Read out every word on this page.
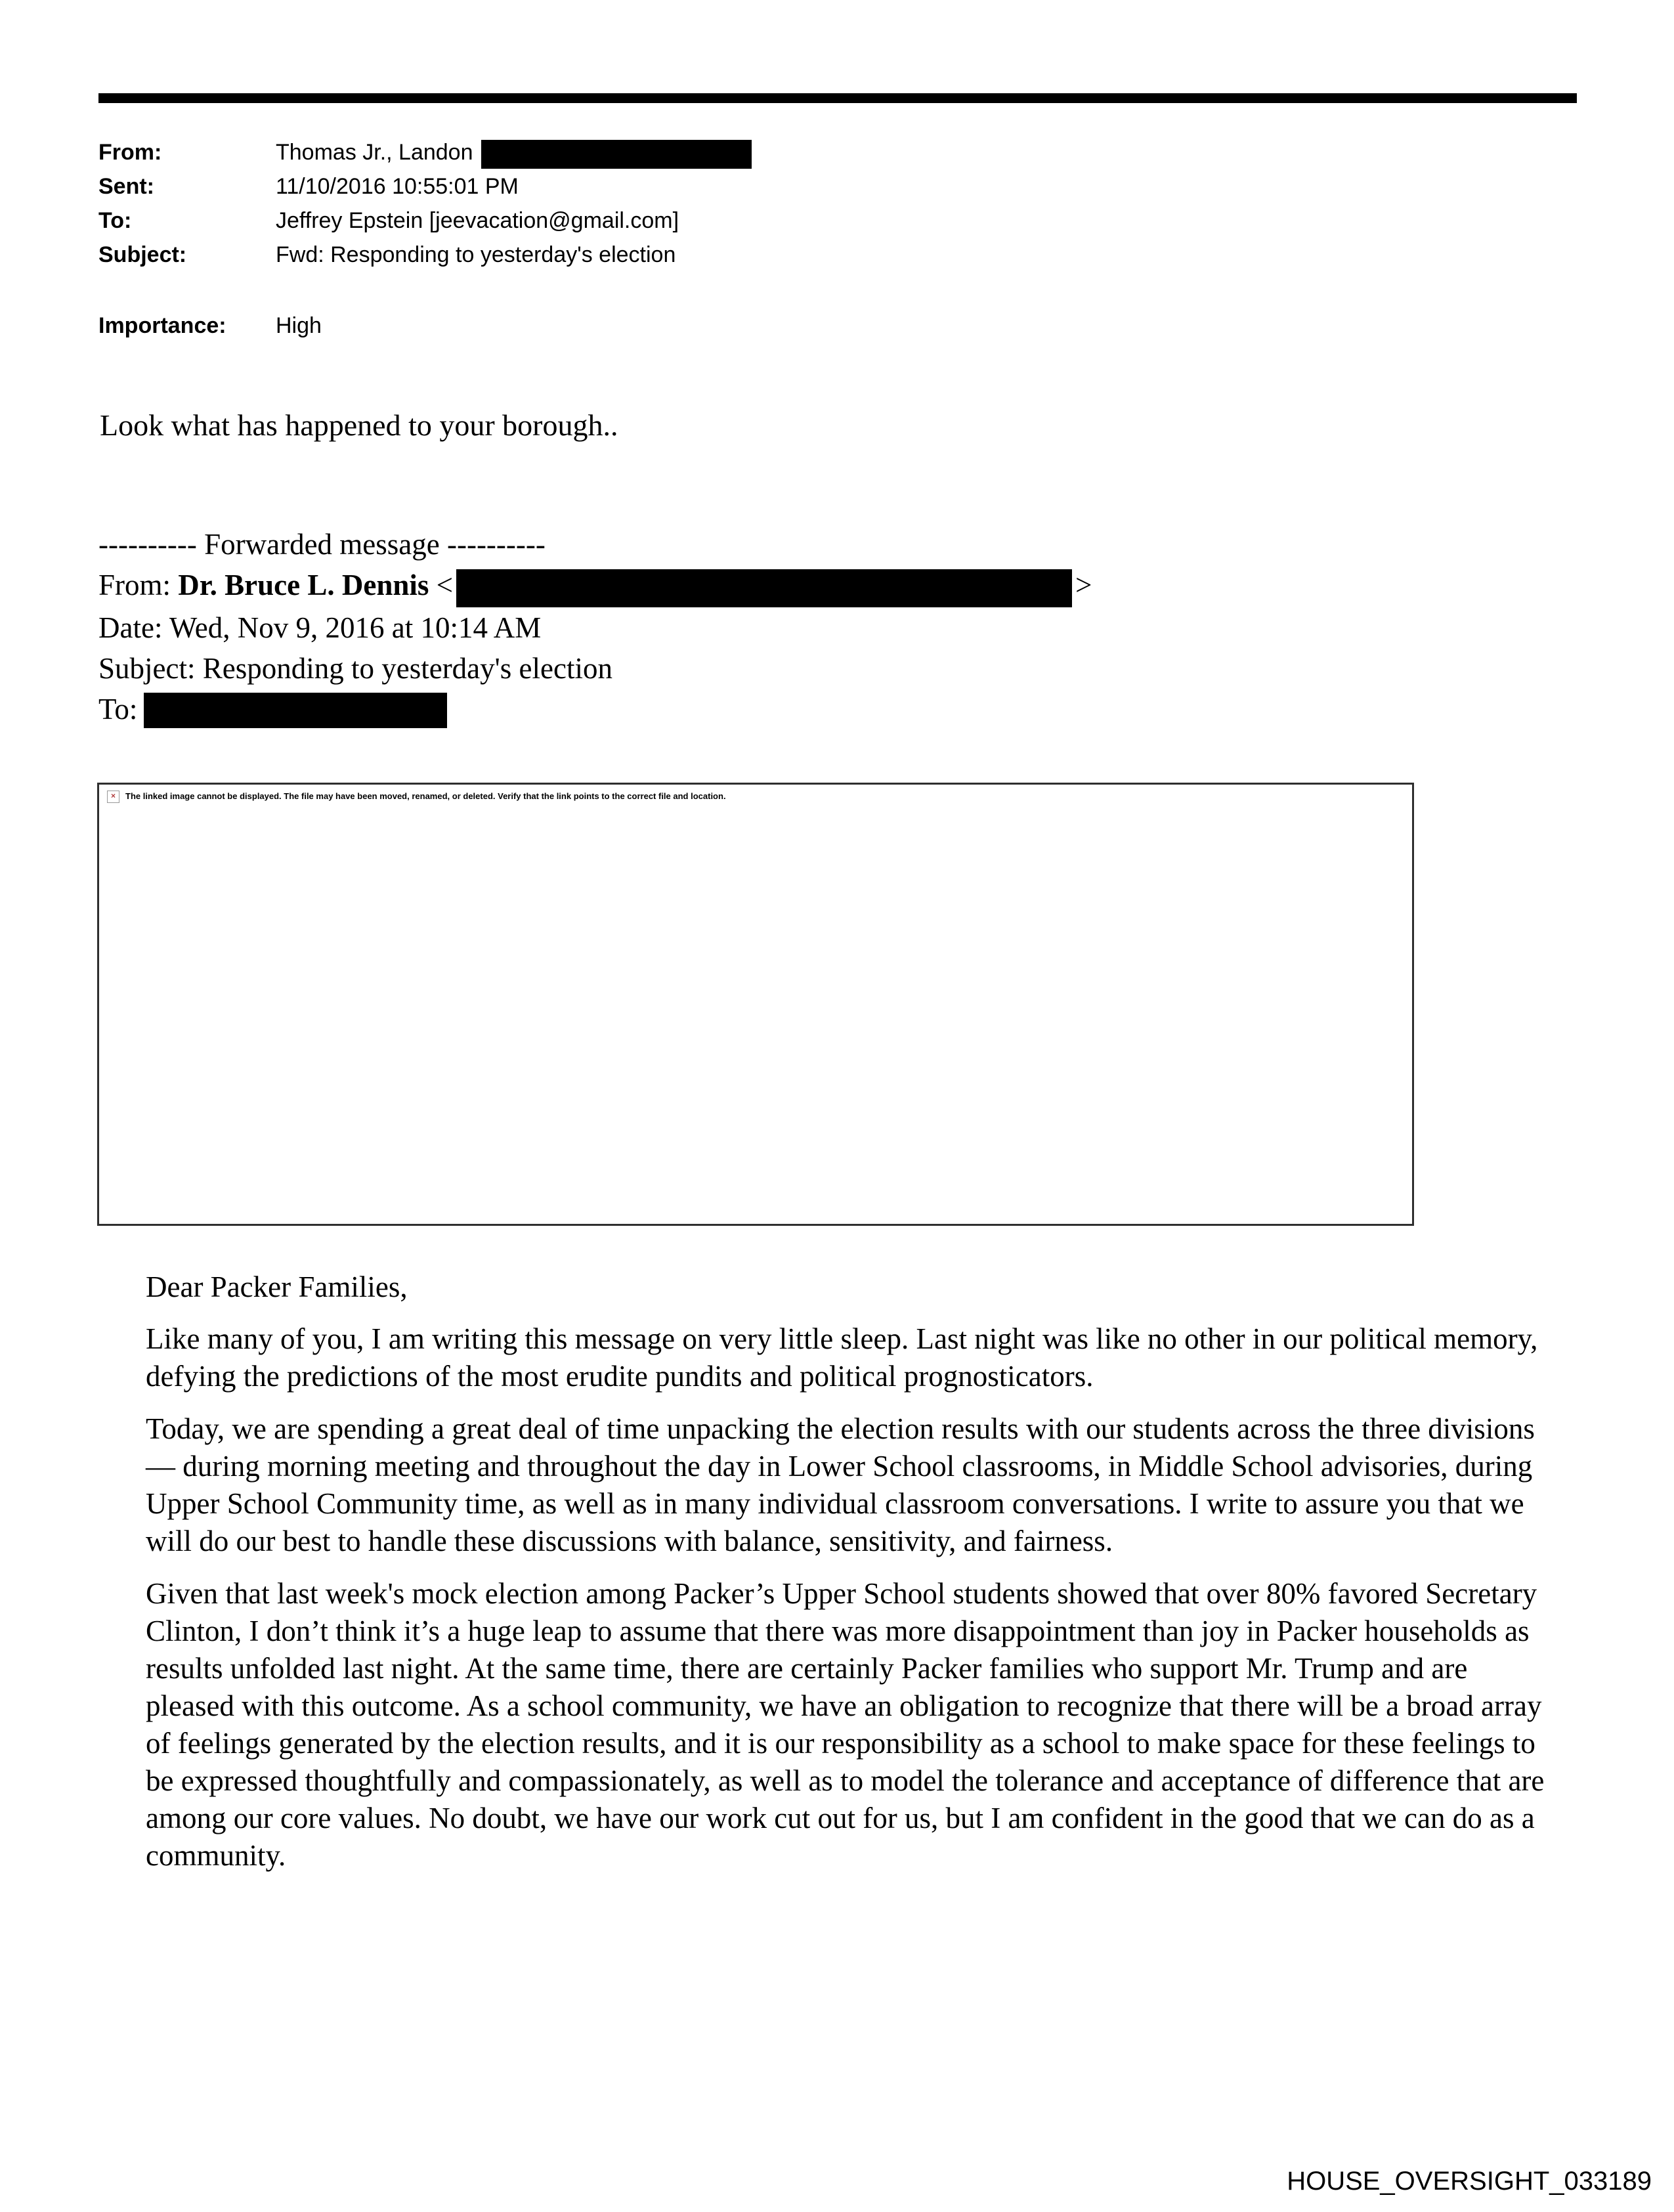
From:	Thomas Jr., Landon
Sent:	11/10/2016 10:55:01 PM
To:	Jeffrey Epstein [jeevacation@gmail.com]
Subject:	Fwd: Responding to yesterday's election
Importance:	High
Look what has happened to your borough..
---------- Forwarded message ----------
From: Dr. Bruce L. Dennis <	>
Date: Wed, Nov 9, 2016 at 10:14 AM
Subject: Responding to yesterday's election
To:
×	The linked image cannot be displayed. The file may have been moved, renamed, or deleted. Verify that the link points to the correct file and location.
Dear Packer Families,

Like many of you, I am writing this message on very little sleep. Last night was like no other in our political memory, defying the predictions of the most erudite pundits and political prognosticators.

Today, we are spending a great deal of time unpacking the election results with our students across the three divisions — during morning meeting and throughout the day in Lower School classrooms, in Middle School advisories, during Upper School Community time, as well as in many individual classroom conversations. I write to assure you that we will do our best to handle these discussions with balance, sensitivity, and fairness.

Given that last week's mock election among Packer’s Upper School students showed that over 80% favored Secretary Clinton, I don’t think it’s a huge leap to assume that there was more disappointment than joy in Packer households as results unfolded last night. At the same time, there are certainly Packer families who support Mr. Trump and are pleased with this outcome. As a school community, we have an obligation to recognize that there will be a broad array of feelings generated by the election results, and it is our responsibility as a school to make space for these feelings to be expressed thoughtfully and compassionately, as well as to model the tolerance and acceptance of difference that are among our core values. No doubt, we have our work cut out for us, but I am confident in the good that we can do as a community.

HOUSE_OVERSIGHT_033189
